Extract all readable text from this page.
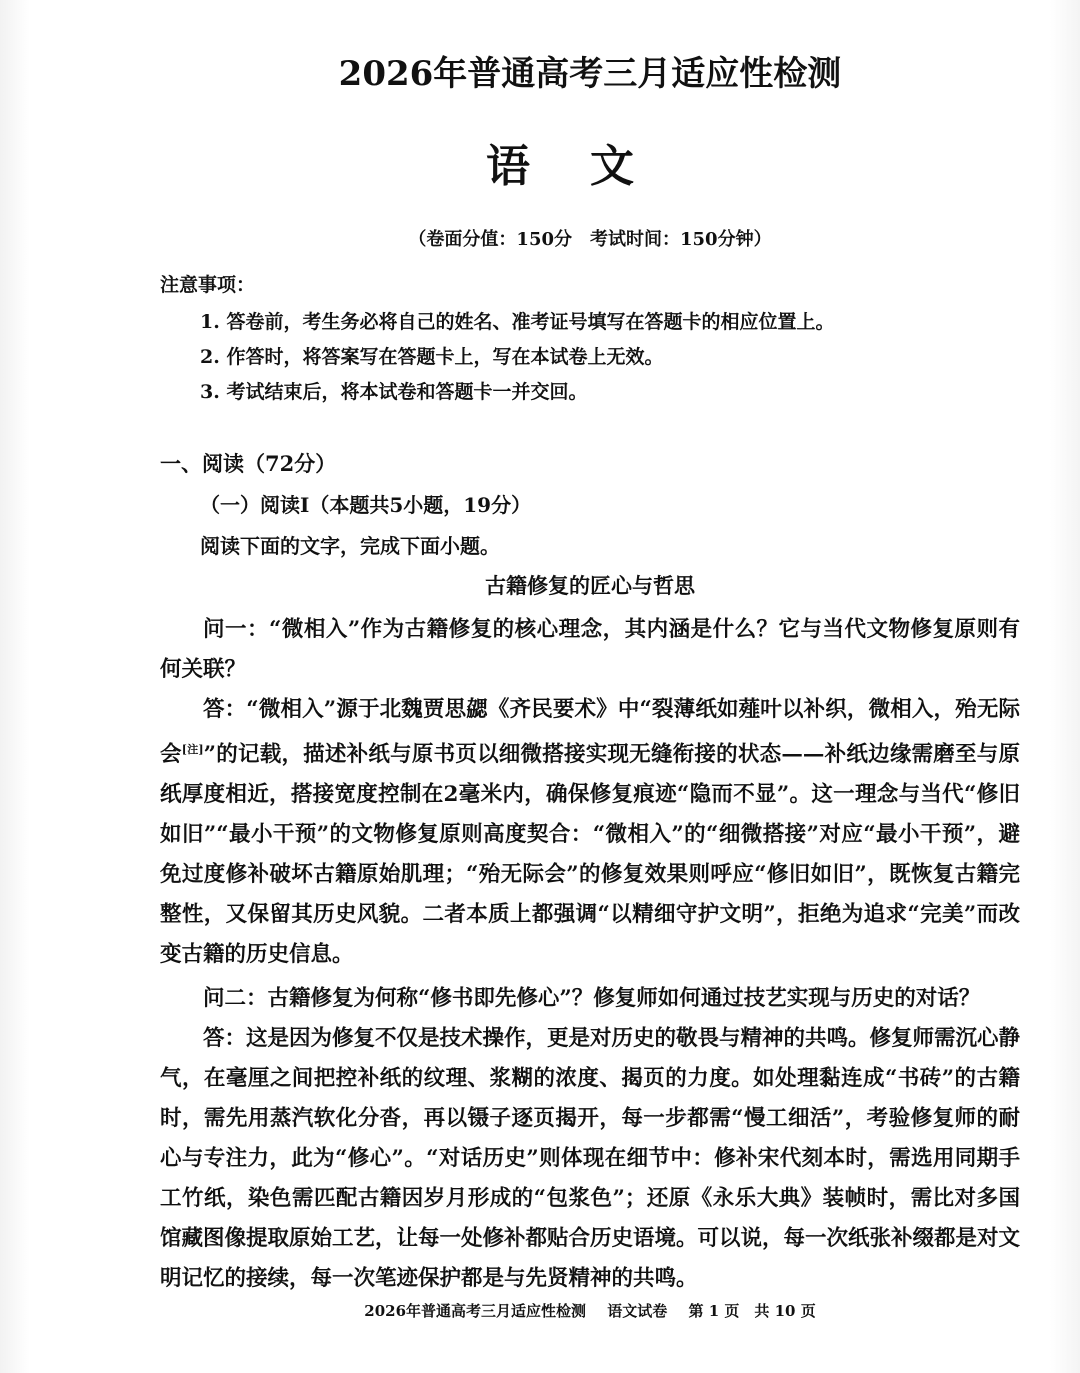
2026年普通高考三月适应性检测
语文
（卷面分值：150分　考试时间：150分钟）
注意事项：
1. 答卷前，考生务必将自己的姓名、准考证号填写在答题卡的相应位置上。
2. 作答时，将答案写在答题卡上，写在本试卷上无效。
3. 考试结束后，将本试卷和答题卡一并交回。
一、阅读（72分）
（一）阅读Ⅰ（本题共5小题，19分）
阅读下面的文字，完成下面小题。
古籍修复的匠心与哲思

问一：“微相入”作为古籍修复的核心理念，其内涵是什么？它与当代文物修复原则有何关联？

答：“微相入”源于北魏贾思勰《齐民要术》中“裂薄纸如薤叶以补织，微相入，殆无际会[注]”的记载，描述补纸与原书页以细微搭接实现无缝衔接的状态——补纸边缘需磨至与原纸厚度相近，搭接宽度控制在2毫米内，确保修复痕迹“隐而不显”。这一理念与当代“修旧如旧”“最小干预”的文物修复原则高度契合：“微相入”的“细微搭接”对应“最小干预”，避免过度修补破坏古籍原始肌理；“殆无际会”的修复效果则呼应“修旧如旧”，既恢复古籍完整性，又保留其历史风貌。二者本质上都强调“以精细守护文明”，拒绝为追求“完美”而改变古籍的历史信息。

问二：古籍修复为何称“修书即先修心”？修复师如何通过技艺实现与历史的对话？

答：这是因为修复不仅是技术操作，更是对历史的敬畏与精神的共鸣。修复师需沉心静气，在毫厘之间把控补纸的纹理、浆糊的浓度、揭页的力度。如处理黏连成“书砖”的古籍时，需先用蒸汽软化分沓，再以镊子逐页揭开，每一步都需“慢工细活”，考验修复师的耐心与专注力，此为“修心”。“对话历史”则体现在细节中：修补宋代刻本时，需选用同期手工竹纸，染色需匹配古籍因岁月形成的“包浆色”；还原《永乐大典》装帧时，需比对多国馆藏图像提取原始工艺，让每一处修补都贴合历史语境。可以说，每一次纸张补缀都是对文明记忆的接续，每一次笔迹保护都是与先贤精神的共鸣。

2026年普通高考三月适应性检测 语文试卷 第 1 页　共 10 页
